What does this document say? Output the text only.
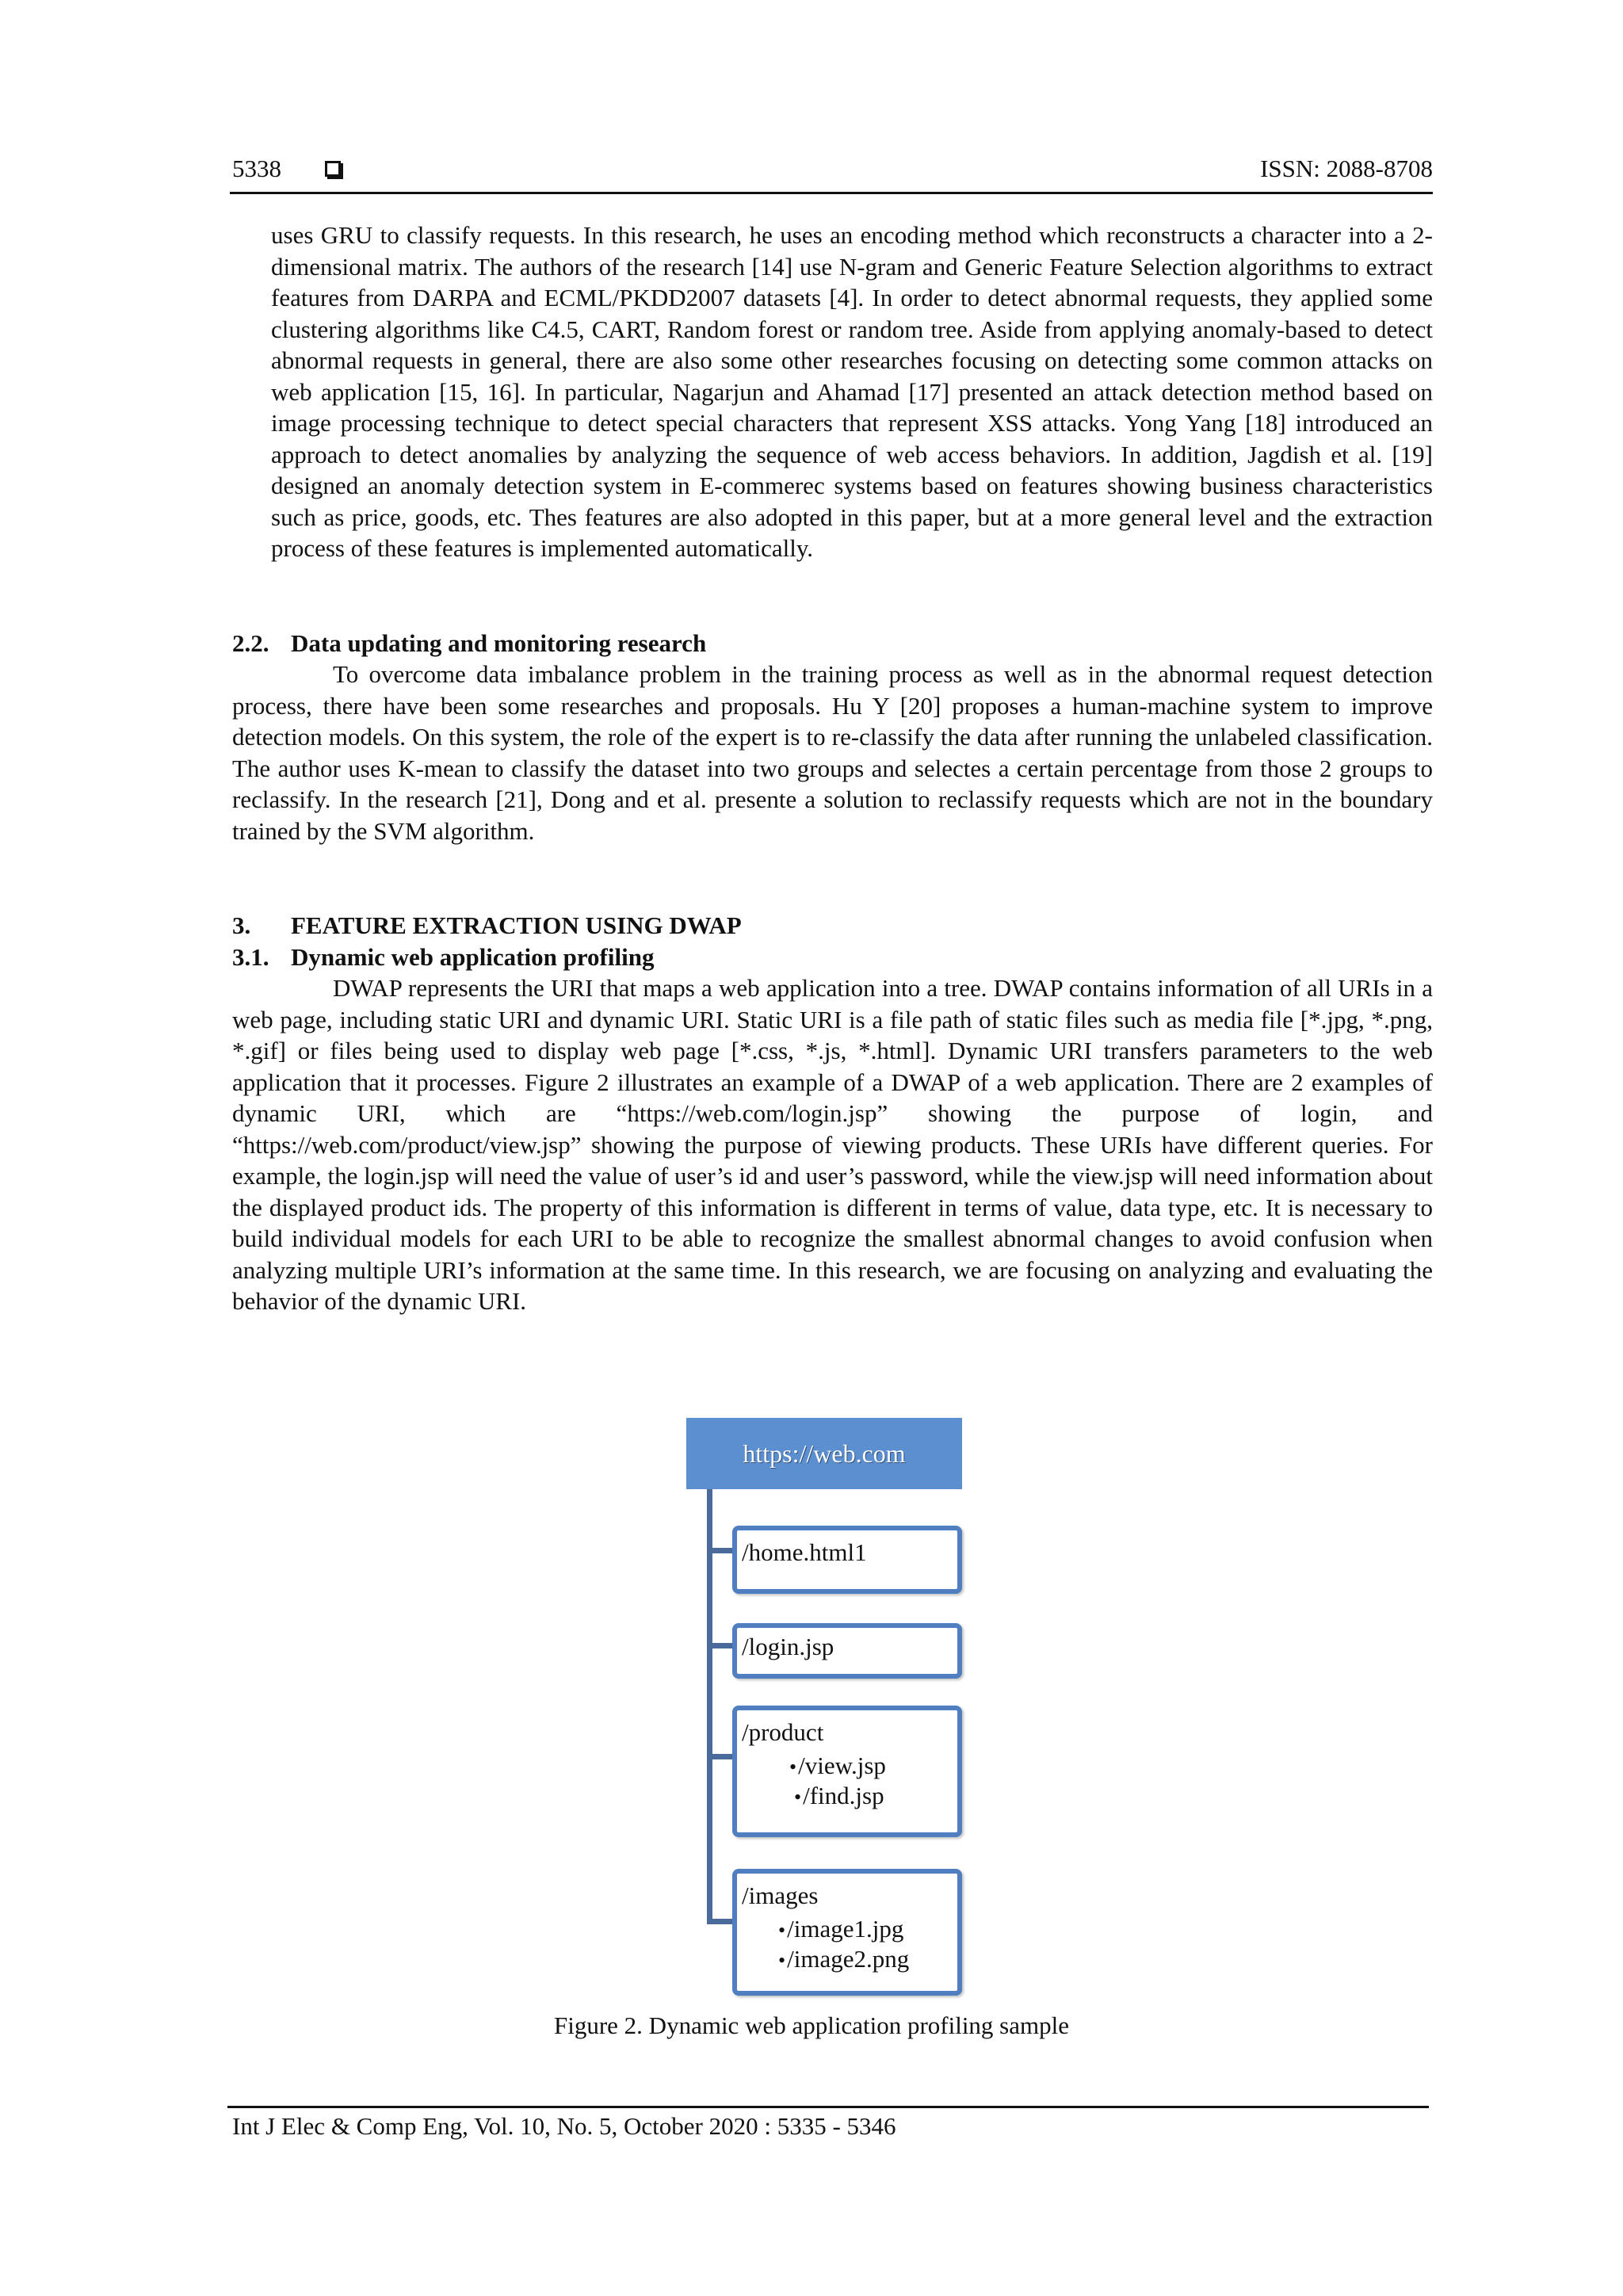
5338	ISSN: 2088-8708

uses GRU to classify requests. In this research, he uses an encoding method which reconstructs a character into a 2-dimensional matrix. The authors of the research [14] use N-gram and Generic Feature Selection algorithms to extract features from DARPA and ECML/PKDD2007 datasets [4]. In order to detect abnormal requests, they applied some clustering algorithms like C4.5, CART, Random forest or random tree. Aside from applying anomaly-based to detect abnormal requests in general, there are also some other researches focusing on detecting some common attacks on web application [15, 16]. In particular, Nagarjun and Ahamad [17] presented an attack detection method based on image processing technique to detect special characters that represent XSS attacks. Yong Yang [18] introduced an approach to detect anomalies by analyzing the sequence of web access behaviors. In addition, Jagdish et al. [19] designed an anomaly detection system in E-commerec systems based on features showing business characteristics such as price, goods, etc. Thes features are also adopted in this paper, but at a more general level and the extraction process of these features is implemented automatically.

2.2. Data updating and monitoring research

To overcome data imbalance problem in the training process as well as in the abnormal request detection process, there have been some researches and proposals. Hu Y [20] proposes a human-machine system to improve detection models. On this system, the role of the expert is to re-classify the data after running the unlabeled classification. The author uses K-mean to classify the dataset into two groups and selectes a certain percentage from those 2 groups to reclassify. In the research [21], Dong and et al. presente a solution to reclassify requests which are not in the boundary trained by the SVM algorithm.

3. FEATURE EXTRACTION USING DWAP
3.1. Dynamic web application profiling

DWAP represents the URI that maps a web application into a tree. DWAP contains information of all URIs in a web page, including static URI and dynamic URI. Static URI is a file path of static files such as media file [*.jpg, *.png, *.gif] or files being used to display web page [*.css, *.js, *.html]. Dynamic URI transfers parameters to the web application that it processes. Figure 2 illustrates an example of a DWAP of a web application. There are 2 examples of dynamic URI, which are “https://web.com/login.jsp” showing the purpose of login, and “https://web.com/product/view.jsp” showing the purpose of viewing products. These URIs have different queries. For example, the login.jsp will need the value of user’s id and user’s password, while the view.jsp will need information about the displayed product ids. The property of this information is different in terms of value, data type, etc. It is necessary to build individual models for each URI to be able to recognize the smallest abnormal changes to avoid confusion when analyzing multiple URI’s information at the same time. In this research, we are focusing on analyzing and evaluating the behavior of the dynamic URI.

https://web.com
/home.html1
/login.jsp
/product
•/view.jsp
•/find.jsp
/images
•/image1.jpg
•/image2.png
Figure 2. Dynamic web application profiling sample
Int J Elec & Comp Eng, Vol. 10, No. 5, October 2020 : 5335 - 5346
